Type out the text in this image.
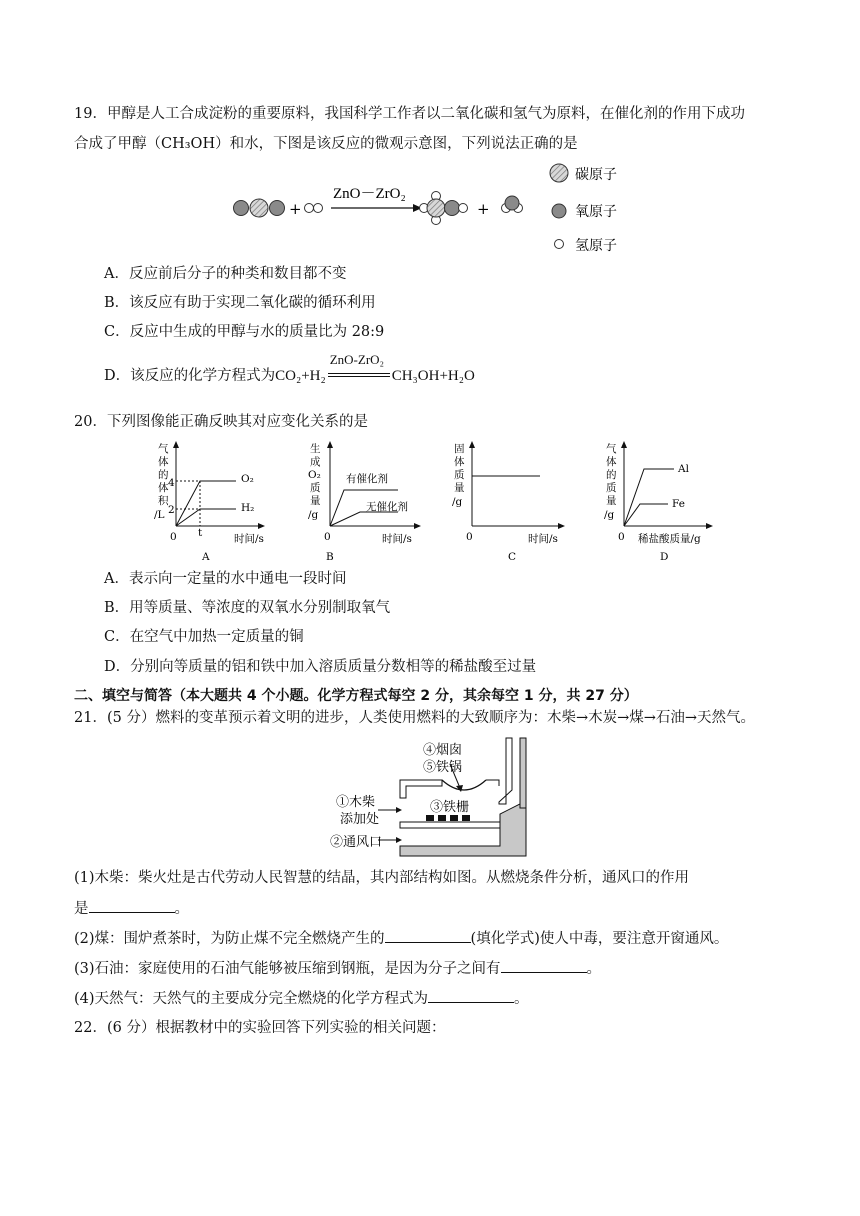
19．甲醇是人工合成淀粉的重要原料，我国科学工作者以二氧化碳和氢气为原料，在催化剂的作用下成功
合成了甲醇（CH₃OH）和水，下图是该反应的微观示意图，下列说法正确的是
+
ZnO－ZrO₂
+
碳原子
氧原子
氢原子
A．反应前后分子的种类和数目都不变
B．该反应有助于实现二氧化碳的循环利用
C．反应中生成的甲醇与水的质量比为 28:9
D．该反应的化学方程式为CO₂+H₂
ZnO-ZrO₂
CH₃OH+H₂O
20．下列图像能正确反映其对应变化关系的是
气
体
的
体
积
/L
0 t
4
2
O₂
H₂
时间/s
A
生
成
O₂
质
量
/g
0
有催化剂
无催化剂
时间/s
B
固
体
质
量
/g
0	时间/s
C
气
体
的
质
量
/g
0
Al
Fe
稀盐酸质量/g
D
A．表示向一定量的水中通电一段时间
B．用等质量、等浓度的双氧水分别制取氧气
C．在空气中加热一定质量的铜
D．分别向等质量的铝和铁中加入溶质质量分数相等的稀盐酸至过量
二、填空与简答（本大题共 4 个小题。化学方程式每空 2 分，其余每空 1 分，共 27 分）
21．(5 分）燃料的变革预示着文明的进步，人类使用燃料的大致顺序为：木柴→木炭→煤→石油→天然气。
④烟囱
⑤铁锅
①木柴
添加处
③铁栅
②通风口
(1)木柴：柴火灶是古代劳动人民智慧的结晶，其内部结构如图。从燃烧条件分析，通风口的作用
是	。
(2)煤：围炉煮茶时，为防止煤不完全燃烧产生的	(填化学式)使人中毒，要注意开窗通风。
(3)石油：家庭使用的石油气能够被压缩到钢瓶，是因为分子之间有	。
(4)天然气：天然气的主要成分完全燃烧的化学方程式为	。
22．(6 分）根据教材中的实验回答下列实验的相关问题：
